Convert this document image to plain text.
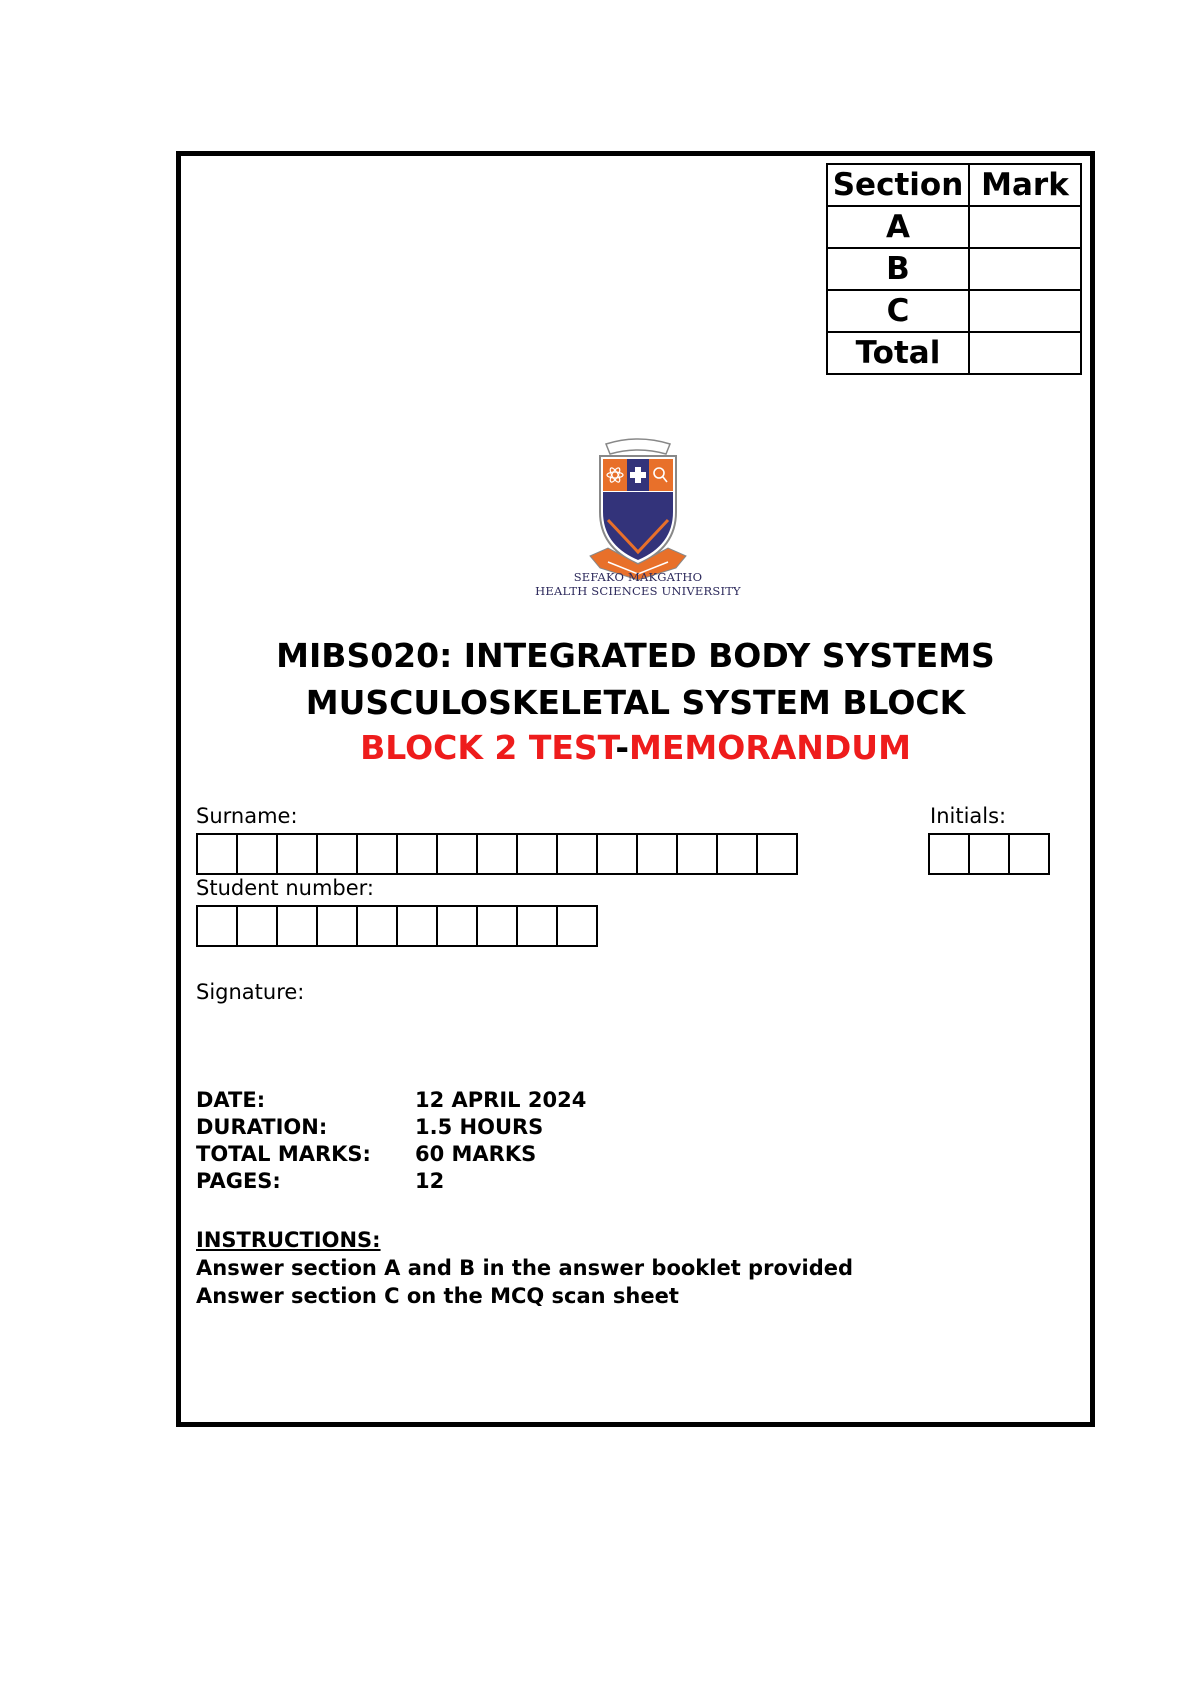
Section	Mark
A	
B	
C	
Total	
SEFAKO MAKGATHO
HEALTH SCIENCES UNIVERSITY
MIBS020: INTEGRATED BODY SYSTEMS
MUSCULOSKELETAL SYSTEM BLOCK
BLOCK 2 TEST-MEMORANDUM
Surname:	Initials:
Student number:
Signature:
DATE:	12 APRIL 2024
DURATION:	1.5 HOURS
TOTAL MARKS:	60 MARKS
PAGES:	12
INSTRUCTIONS:
Answer section A and B in the answer booklet provided
Answer section C on the MCQ scan sheet
